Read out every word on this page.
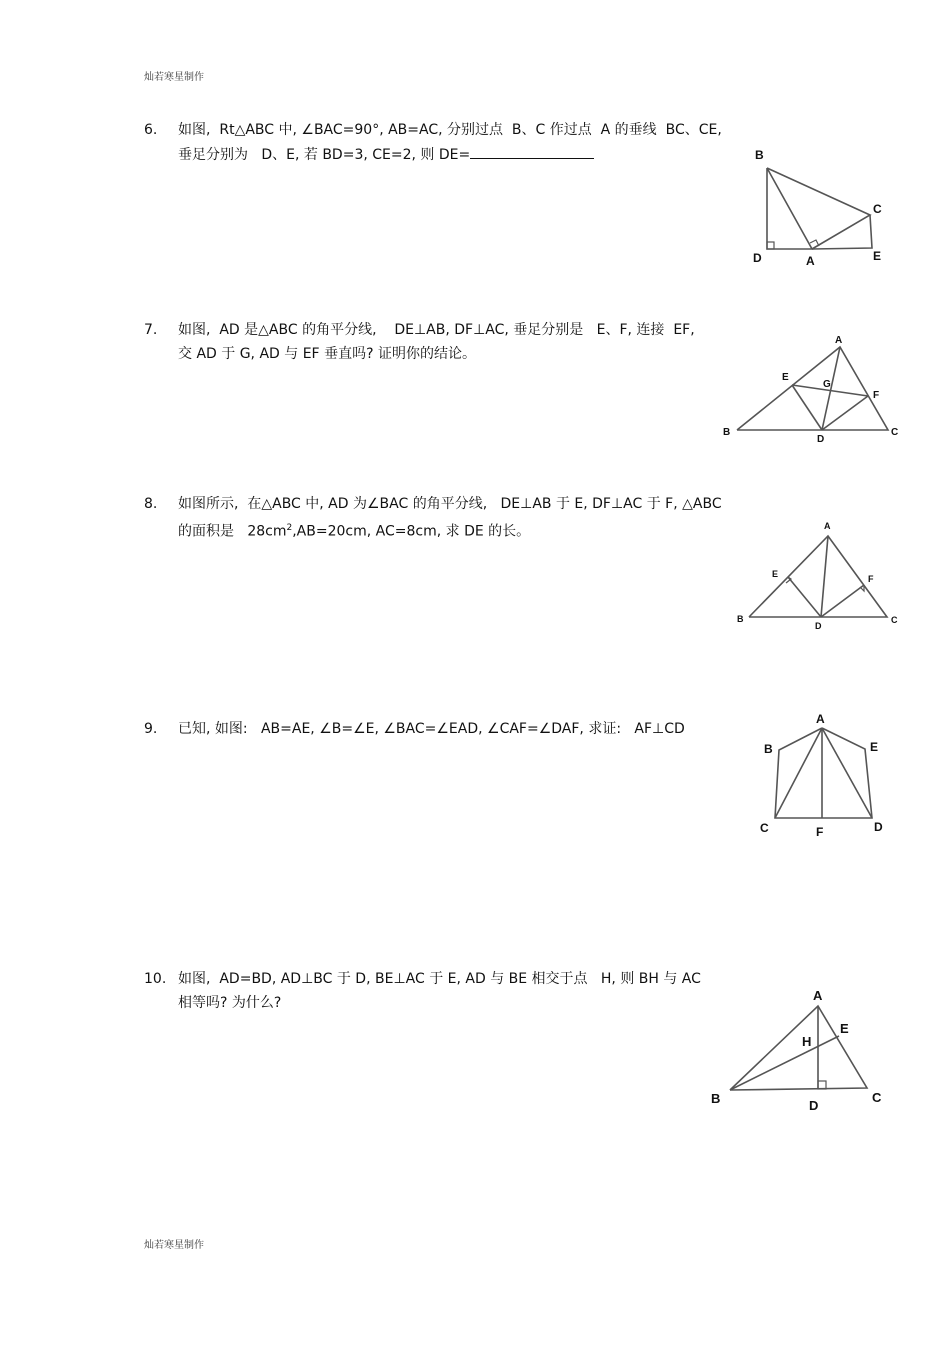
灿若寒星制作
6.	如图,  Rt△ABC 中, ∠BAC=90°, AB=AC, 分别过点  B、C 作过点  A 的垂线  BC、CE,
垂足分别为   D、E, 若 BD=3, CE=2, 则 DE=	B
C
D	A	E
7.	如图,  AD 是△ABC 的角平分线,    DE⊥AB, DF⊥AC, 垂足分别是   E、F, 连接  EF,
交 AD 于 G, AD 与 EF 垂直吗? 证明你的结论。
A
E
G
F
B
D
C
8.	如图所示,  在△ABC 中, AD 为∠BAC 的角平分线,   DE⊥AB 于 E, DF⊥AC 于 F, △ABC
的面积是   $28cm^2,AB=20cm$, AC=8cm, 求 DE 的长。	A
E	F
B
D
C
9.	已知, 如图:   AB=AE, ∠B=∠E, ∠BAC=∠EAD, ∠CAF=∠DAF, 求证:   AF⊥CD
A
B	E
C	F	D
10. 如图,  AD=BD, AD⊥BC 于 D, BE⊥AC 于 E, AD 与 BE 相交于点   H, 则 BH 与 AC
相等吗? 为什么?	A
E
H
B	D
C
灿若寒星制作
